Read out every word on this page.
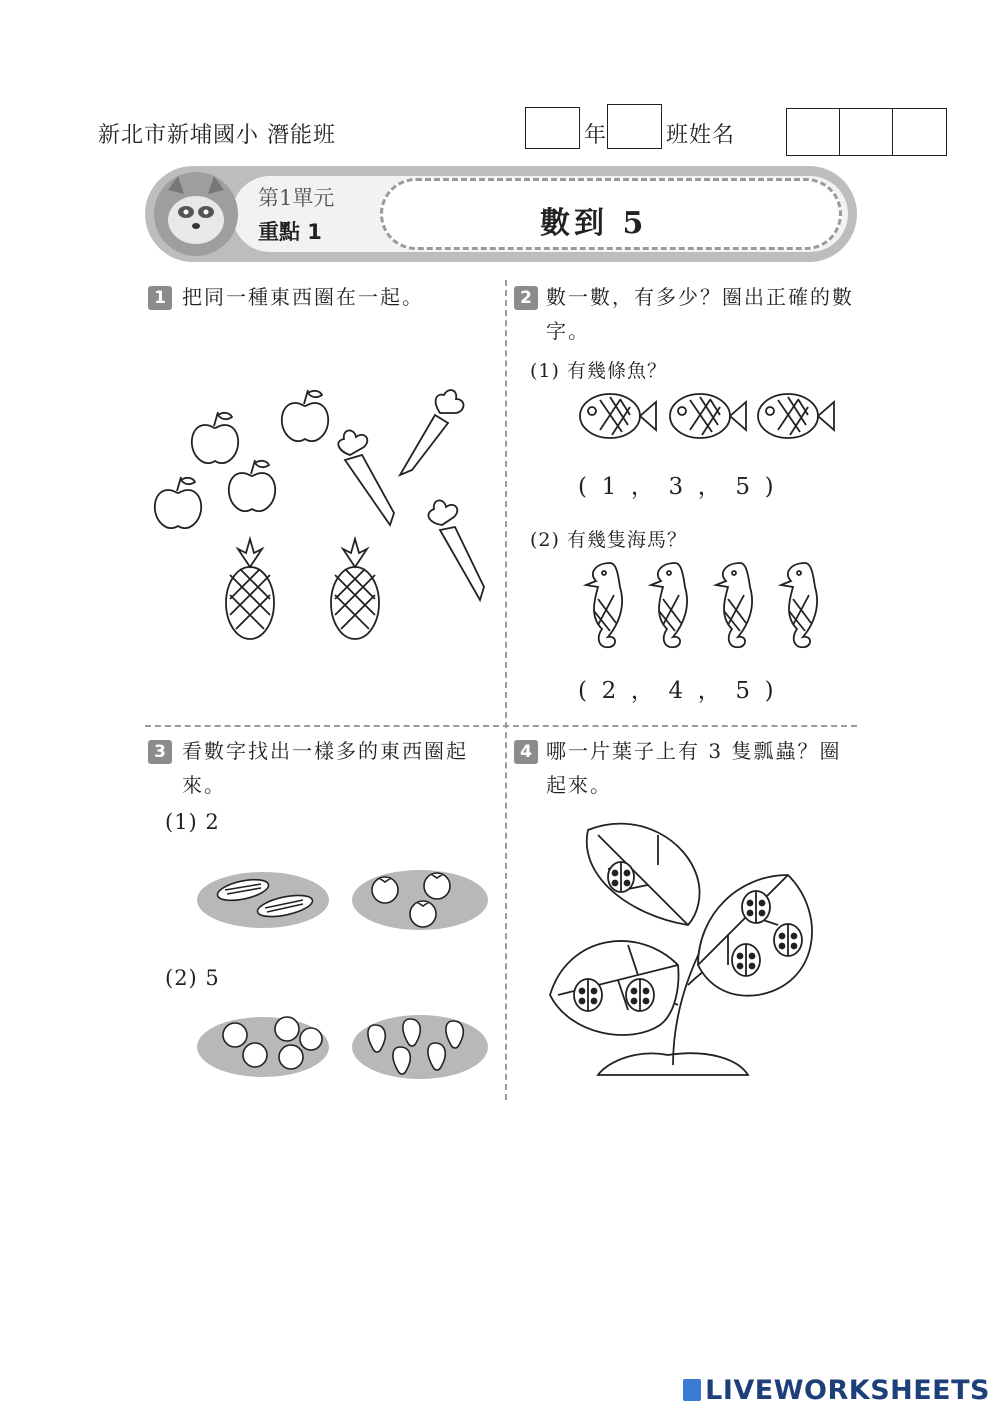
新北市新埔國小 潛能班	年	班姓名
第1單元
重點 1	數到 5
1 把同一種東西圈在一起。	2 數一數，有多少？圈出正確的數字。
(1) 有幾條魚？
(  1  ，  3  ，  5  )
(2) 有幾隻海馬？
(  2  ，  4  ，  5  )
3 看數字找出一樣多的東西圈起來。
(1) 2
(2) 5
4 哪一片葉子上有 3 隻瓢蟲？圈起來。
LIVEWORKSHEETS
